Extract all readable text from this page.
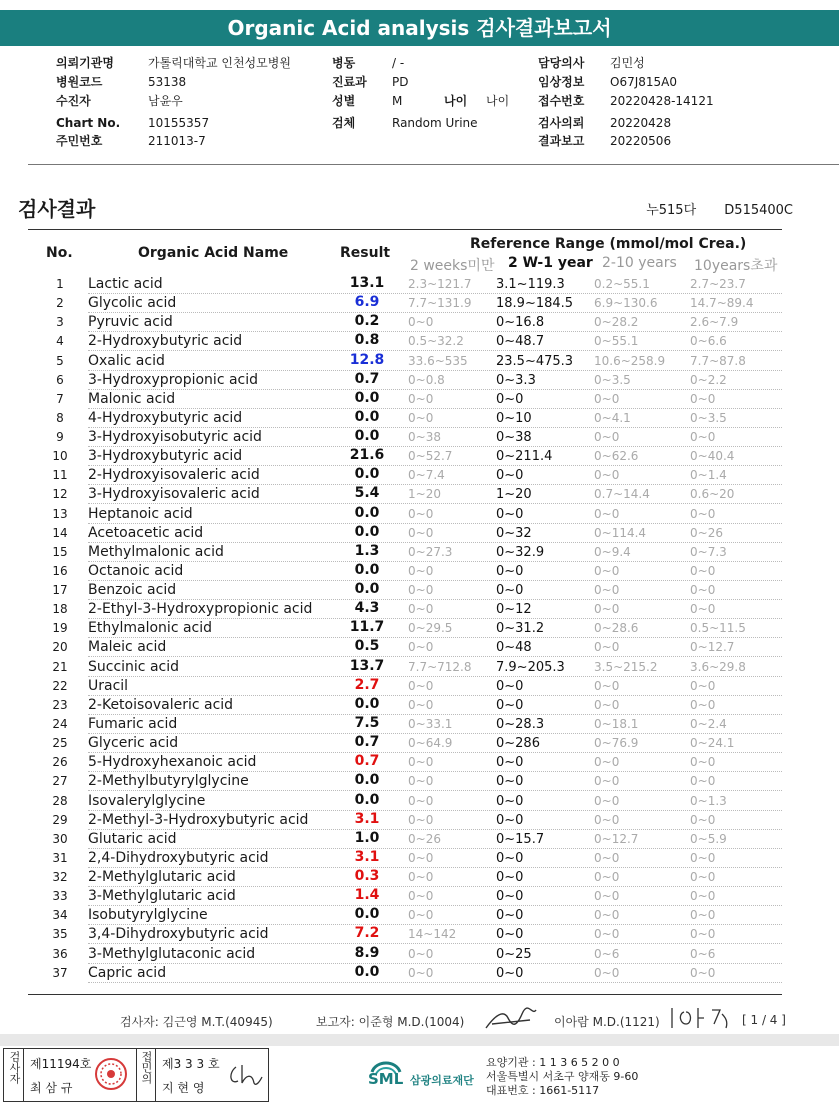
Organic Acid analysis 검사결과보고서
의뢰기관명	가톨릭대학교 인천성모병원	병동	/ -	담당의사 김민성
병원코드	53138	진료과 PD	임상정보 O67J815A0
수진자	남윤우	성별	M	나이 나이 접수번호 20220428-14121
Chart No. 10155357	검체	Random Urine	검사의뢰 20220428
주민번호	211013-7	결과보고 20220506
검사결과	누515다 D515400C
No.	Organic Acid Name	Result
Reference Range (mmol/mol Crea.)
2 weeks미만 2 W-1 year 2-10 years 10years초과
1	Lactic acid	13.1	2.3~121.7 3.1~119.3 0.2~55.1	2.7~23.7
2	Glycolic acid	6.9	7.7~131.9 18.9~184.5 6.9~130.6	14.7~89.4
3	Pyruvic acid	0.2	0~0	0~16.8	0~28.2	2.6~7.9
4	2-Hydroxybutyric acid	0.8	0.5~32.2 0~48.7	0~55.1	0~6.6
5	Oxalic acid	12.8	33.6~535 23.5~475.3 10.6~258.9 7.7~87.8
6	3-Hydroxypropionic acid	0.7	0~0.8	0~3.3	0~3.5	0~2.2
7	Malonic acid	0.0	0~0	0~0	0~0	0~0
8	4-Hydroxybutyric acid	0.0	0~0	0~10	0~4.1	0~3.5
9	3-Hydroxyisobutyric acid	0.0	0~38	0~38	0~0	0~0
10	3-Hydroxybutyric acid	21.6	0~52.7	0~211.4	0~62.6	0~40.4
11	2-Hydroxyisovaleric acid	0.0	0~7.4	0~0	0~0	0~1.4
12	3-Hydroxyisovaleric acid	5.4	1~20	1~20	0.7~14.4	0.6~20
13	Heptanoic acid	0.0	0~0	0~0	0~0	0~0
14	Acetoacetic acid	0.0	0~0	0~32	0~114.4	0~26
15	Methylmalonic acid	1.3	0~27.3	0~32.9	0~9.4	0~7.3
16	Octanoic acid	0.0	0~0	0~0	0~0	0~0
17	Benzoic acid	0.0	0~0	0~0	0~0	0~0
18	2-Ethyl-3-Hydroxypropionic acid	4.3	0~0	0~12	0~0	0~0
19	Ethylmalonic acid	11.7	0~29.5	0~31.2	0~28.6	0.5~11.5
20	Maleic acid	0.5	0~0	0~48	0~0	0~12.7
21	Succinic acid	13.7	7.7~712.8 7.9~205.3 3.5~215.2	3.6~29.8
22	Uracil	2.7	0~0	0~0	0~0	0~0
23	2-Ketoisovaleric acid	0.0	0~0	0~0	0~0	0~0
24	Fumaric acid	7.5	0~33.1	0~28.3	0~18.1	0~2.4
25	Glyceric acid	0.7	0~64.9	0~286	0~76.9	0~24.1
26	5-Hydroxyhexanoic acid	0.7	0~0	0~0	0~0	0~0
27	2-Methylbutyrylglycine	0.0	0~0	0~0	0~0	0~0
28	Isovalerylglycine	0.0	0~0	0~0	0~0	0~1.3
29	2-Methyl-3-Hydroxybutyric acid	3.1	0~0	0~0	0~0	0~0
30	Glutaric acid	1.0	0~26	0~15.7	0~12.7	0~5.9
31	2,4-Dihydroxybutyric acid	3.1	0~0	0~0	0~0	0~0
32	2-Methylglutaric acid	0.3	0~0	0~0	0~0	0~0
33	3-Methylglutaric acid	1.4	0~0	0~0	0~0	0~0
34	Isobutyrylglycine	0.0	0~0	0~0	0~0	0~0
35	3,4-Dihydroxybutyric acid	7.2	14~142	0~0	0~0	0~0
36	3-Methylglutaconic acid	8.9	0~0	0~25	0~6	0~6
37	Capric acid	0.0	0~0	0~0	0~0	0~0
검사자: 김근영 M.T.(40945)	보고자: 이준형 M.D.(1004)	이아람 M.D.(1121)	[ 1 / 4 ]
검사자 제11194호
최 삼 규
접민의 제3 3 3 호
지 현 영	SML 삼광의료재단
요양기관 : 1 1 3 6 5 2 0 0
서울특별시 서초구 양재동 9-60
대표번호 : 1661-5117
